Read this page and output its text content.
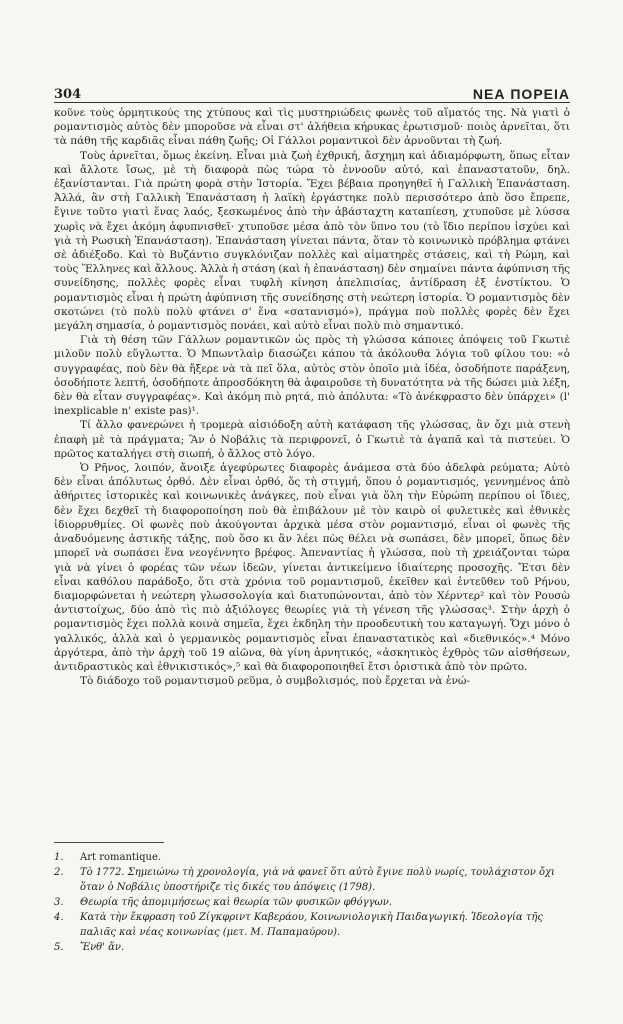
304	ΝΕΑ ΠΟΡΕΙΑ

κοῦνε τοὺς ὁρμητικούς της χτύπους καὶ τὶς μυστηριώδεις φωνὲς τοῦ αἵματός της. Νὰ γιατὶ ὁ ρομαντισμὸς αὐτὸς δὲν μποροῦσε νὰ εἶναι στ' ἀλήθεια κήρυκας ἐρωτισμοῦ· ποιὸς ἀρνεῖται, ὅτι τὰ πάθη τῆς καρδιᾶς εἶναι πάθη ζωῆς; Οἱ Γάλλοι ρομαντικοὶ δὲν ἀρνοῦνται τὴ ζωή.

Τοὺς ἀρνεῖται, ὅμως ἐκείνη. Εἶναι μιὰ ζωὴ ἐχθρική, ἄσχημη καὶ ἀδιαμόρφωτη, ὅπως εἶταν καὶ ἄλλοτε ἴσως, μὲ τὴ διαφορὰ πὼς τώρα τὸ ἐννοοῦν αὐτό, καὶ ἐπαναστατοῦν, δηλ. ἐξανίστανται. Γιὰ πρώτη φορὰ στὴν Ἱστορία. Ἔχει βέβαια προηγηθεῖ ἡ Γαλλικὴ Ἐπανάσταση. Ἀλλά, ἂν στὴ Γαλλικὴ Ἐπανάσταση ἡ λαϊκὴ ἐργάστηκε πολὺ περισσότερο ἀπὸ ὅσο ἔπρεπε, ἔγινε τοῦτο γιατὶ ἕνας λαός, ξεσκωμένος ἀπὸ τὴν ἀβάσταχτη καταπίεση, χτυποῦσε μὲ λύσσα χωρὶς νὰ ἔχει ἀκόμη ἀφυπνισθεῖ· χτυποῦσε μέσα ἀπὸ τὸν ὕπνο του (τὸ ἴδιο περίπου ἰσχύει καὶ γιὰ τὴ Ρωσικὴ Ἐπανάσταση). Ἐπανάσταση γίνεται πάντα, ὅταν τὸ κοινωνικὸ πρόβλημα φτάνει σὲ ἀδιέξοδο. Καὶ τὸ Βυζάντιο συγκλόνιζαν πολλὲς καὶ αἱματηρὲς στάσεις, καὶ τὴ Ρώμη, καὶ τοὺς Ἕλληνες καὶ ἄλλους. Ἀλλὰ ἡ στάση (καὶ ἡ ἐπανάσταση) δὲν σημαίνει πάντα ἀφύπνιση τῆς συνείδησης, πολλὲς φορὲς εἶναι τυφλὴ κίνηση ἀπελπισίας, ἀντίδραση ἐξ ἐνστίκτου. Ὁ ρομαντισμὸς εἶναι ἡ πρώτη ἀφύπνιση τῆς συνείδησης στὴ νεώτερη ἱστορία. Ὁ ρομαντισμὸς δὲν σκοτώνει (τὸ πολὺ πολὺ φτάνει σ' ἕνα «σατανισμό»), πράγμα ποὺ πολλὲς φορὲς δὲν ἔχει μεγάλη σημασία, ὁ ρομαντισμὸς πονάει, καὶ αὐτὸ εἶναι πολὺ πιὸ σημαντικό.

Γιὰ τὴ θέση τῶν Γάλλων ρομαντικῶν ὡς πρὸς τὴ γλώσσα κάποιες ἀπόψεις τοῦ Γκωτιὲ μιλοῦν πολὺ εὔγλωττα. Ὁ Μπωντλαὶρ διασώζει κάπου τὰ ἀκόλουθα λόγια τοῦ φίλου του: «ὁ συγγραφέας, ποὺ δὲν θὰ ἤξερε νὰ τὰ πεῖ ὅλα, αὐτὸς στὸν ὁποῖο μιὰ ἰδέα, ὁσοδήποτε παράξενη, ὁσοδήποτε λεπτή, ὁσοδήποτε ἀπροσδόκητη θὰ ἀφαιροῦσε τὴ δυνατότητα νὰ τῆς δώσει μιὰ λέξη, δὲν θὰ εἶταν συγγραφέας». Καὶ ἀκόμη πιὸ ρητά, πιὸ ἀπόλυτα: «Τὸ ἀνέκφραστο δὲν ὑπάρχει» (l' inexplicable n' existe pas)¹.

Τί ἄλλο φανερώνει ἡ τρομερὰ αἰσιόδοξη αὐτὴ κατάφαση τῆς γλώσσας, ἂν ὄχι μιὰ στενὴ ἐπαφὴ μὲ τὰ πράγματα; Ἂν ὁ Νοβάλις τὰ περιφρονεῖ, ὁ Γκωτιὲ τὰ ἀγαπᾶ καὶ τὰ πιστεύει. Ὁ πρῶτος καταλήγει στὴ σιωπή, ὁ ἄλλος στὸ λόγο.

Ὁ Ρῆνος, λοιπόν, ἄνοιξε ἀγεφύρωτες διαφορὲς ἀνάμεσα στὰ δύο ἀδελφὰ ρεύματα; Αὐτὸ δὲν εἶναι ἀπόλυτως ὀρθό. Δὲν εἶναι ὀρθό, ὅς τὴ στιγμή, ὅπου ὁ ρομαντισμός, γεννημένος ἀπὸ ἀθήριτες ἱστορικὲς καὶ κοινωνικὲς ἀνάγκες, ποὺ εἶναι γιὰ ὅλη τὴν Εὐρώπη περίπου οἱ ἴδιες, δὲν ἔχει δεχθεῖ τὴ διαφοροποίηση ποὺ θὰ ἐπιβάλουν μὲ τὸν καιρὸ οἱ φυλετικὲς καὶ ἐθνικὲς ἰδιορρυθμίες. Οἱ φωνὲς ποὺ ἀκούγονται ἀρχικὰ μέσα στὸν ρομαντισμό, εἶναι οἱ φωνὲς τῆς ἀναδυόμενης ἀστικῆς τάξης, ποὺ ὅσο κι ἂν λέει πὼς θέλει νὰ σωπάσει, δὲν μπορεῖ, ὅπως δὲν μπορεῖ νὰ σωπάσει ἕνα νεογέννητο βρέφος. Ἀπεναντίας ἡ γλώσσα, ποὺ τὴ χρειάζονται τώρα γιὰ νὰ γίνει ὁ φορέας τῶν νέων ἰδεῶν, γίνεται ἀντικείμενο ἰδιαίτερης προσοχῆς. Ἔτσι δὲν εἶναι καθόλου παράδοξο, ὅτι στὰ χρόνια τοῦ ρομαντισμοῦ, ἐκεῖθεν καὶ ἐντεῦθεν τοῦ Ρήνου, διαμορφώνεται ἡ νεώτερη γλωσσολογία καὶ διατυπώνονται, ἀπὸ τὸν Χέρντερ² καὶ τὸν Ρουσὼ ἀντιστοίχως, δύο ἀπὸ τὶς πιὸ ἀξιόλογες θεωρίες γιὰ τὴ γένεση τῆς γλώσσας³. Στὴν ἀρχὴ ὁ ρομαντισμὸς ἔχει πολλὰ κοινὰ σημεῖα, ἔχει ἐκδηλη τὴν προοδευτικὴ του καταγωγή. Ὄχι μόνο ὁ γαλλικός, ἀλλὰ καὶ ὁ γερμανικὸς ρομαντισμὸς εἶναι ἐπαναστατικὸς καὶ «διεθνικός».⁴ Μόνο ἀργότερα, ἀπὸ τὴν ἀρχὴ τοῦ 19 αἰῶνα, θὰ γίνη ἀρνητικός, «ἀσκητικὸς ἐχθρὸς τῶν αἰσθήσεων, ἀντιδραστικὸς καὶ ἐθνικιστικός»,⁵ καὶ θὰ διαφοροποιηθεῖ ἔτσι ὁριστικὰ ἀπὸ τὸν πρῶτο.

Τὸ διάδοχο τοῦ ρομαντισμοῦ ρεῦμα, ὁ συμβολισμός, ποὺ ἔρχεται νὰ ἑνώ-

1.	Art romantique.
2.	Τὸ 1772. Σημειώνω τὴ χρονολογία, γιὰ νὰ φανεῖ ὅτι αὐτὸ ἔγινε πολὺ νωρίς, τουλάχιστον ὄχι ὅταν ὁ Νοβάλις ὑποστήριζε τὶς δικές του ἀπόψεις (1798).
3.	Θεωρία τῆς ἀπομιμήσεως καὶ θεωρία τῶν φυσικῶν φθόγγων.
4.	Κατὰ τὴν ἔκφραση τοῦ Ζίγκφριντ Καβεράου, Κοινωνιολογικὴ Παιδαγωγική. Ἰδεολογία τῆς παλιᾶς καὶ νέας κοινωνίας (μετ. Μ. Παπαμαύρου).
5.	Ἔνθ' ἄν.
